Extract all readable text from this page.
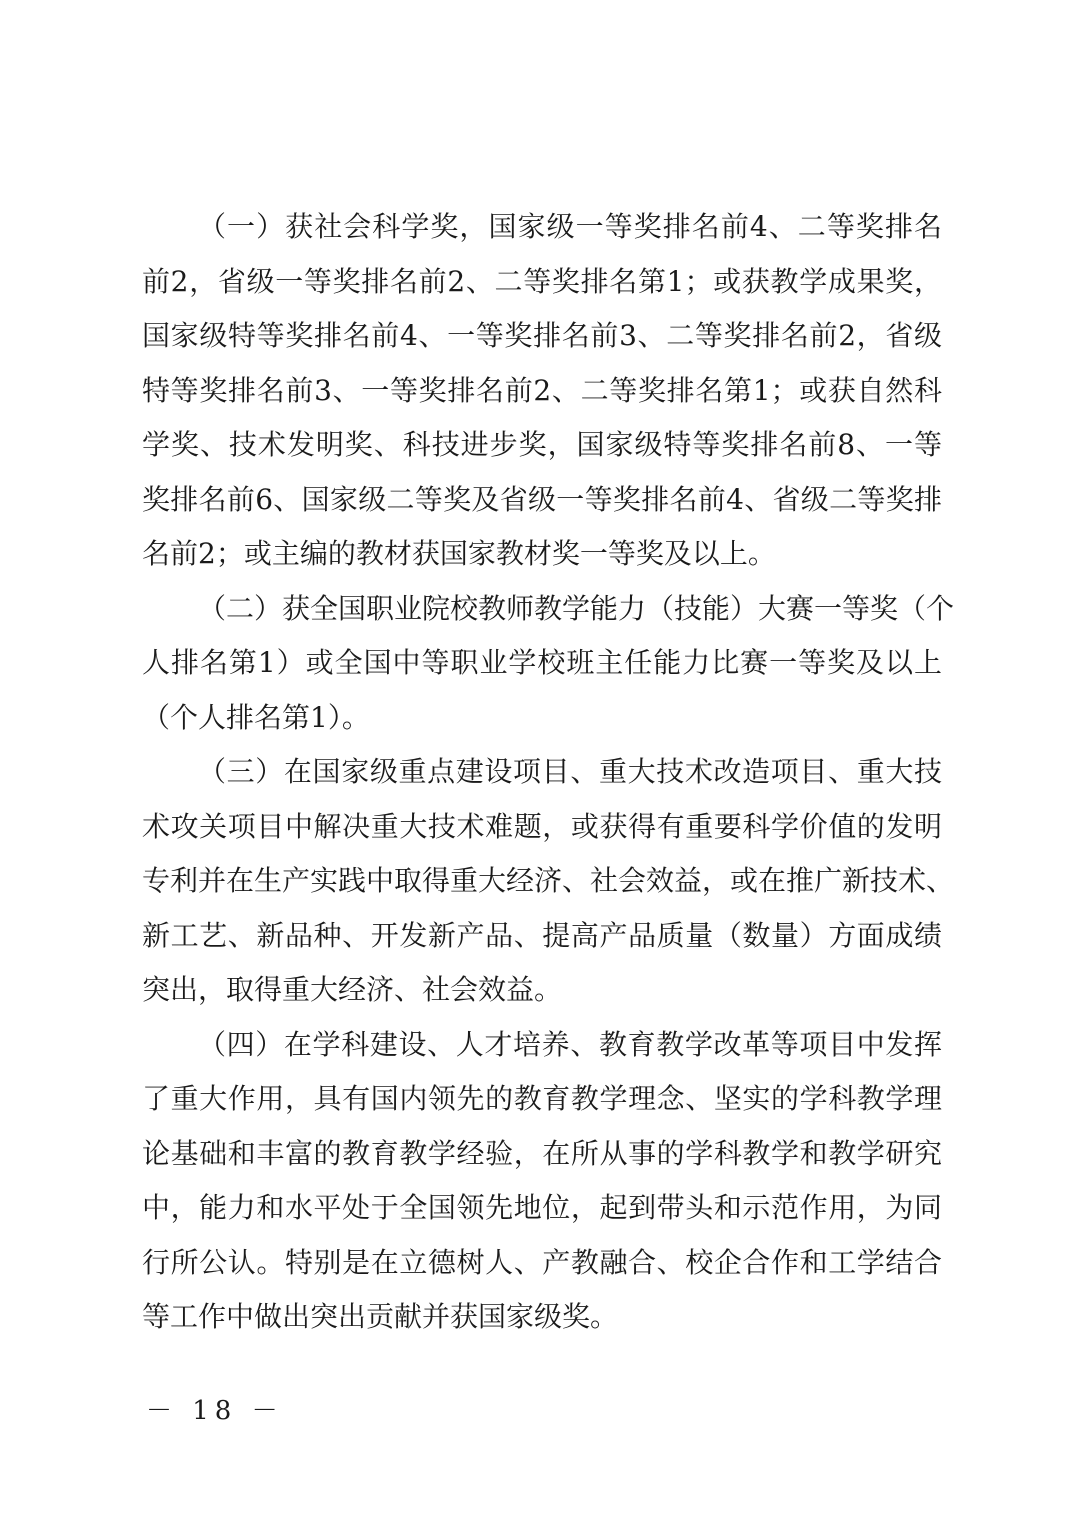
（一）获社会科学奖，国家级一等奖排名前4、二等奖排名
前2，省级一等奖排名前2、二等奖排名第1；或获教学成果奖，
国家级特等奖排名前4、一等奖排名前3、二等奖排名前2，省级
特等奖排名前3、一等奖排名前2、二等奖排名第1；或获自然科
学奖、技术发明奖、科技进步奖，国家级特等奖排名前8、一等
奖排名前6、国家级二等奖及省级一等奖排名前4、省级二等奖排
名前2；或主编的教材获国家教材奖一等奖及以上。
（二）获全国职业院校教师教学能力（技能）大赛一等奖（个
人排名第1）或全国中等职业学校班主任能力比赛一等奖及以上
（个人排名第1）。
（三）在国家级重点建设项目、重大技术改造项目、重大技
术攻关项目中解决重大技术难题，或获得有重要科学价值的发明
专利并在生产实践中取得重大经济、社会效益，或在推广新技术、
新工艺、新品种、开发新产品、提高产品质量（数量）方面成绩
突出，取得重大经济、社会效益。
（四）在学科建设、人才培养、教育教学改革等项目中发挥
了重大作用，具有国内领先的教育教学理念、坚实的学科教学理
论基础和丰富的教育教学经验，在所从事的学科教学和教学研究
中，能力和水平处于全国领先地位，起到带头和示范作用，为同
行所公认。特别是在立德树人、产教融合、校企合作和工学结合
等工作中做出突出贡献并获国家级奖。
－ 18 －
